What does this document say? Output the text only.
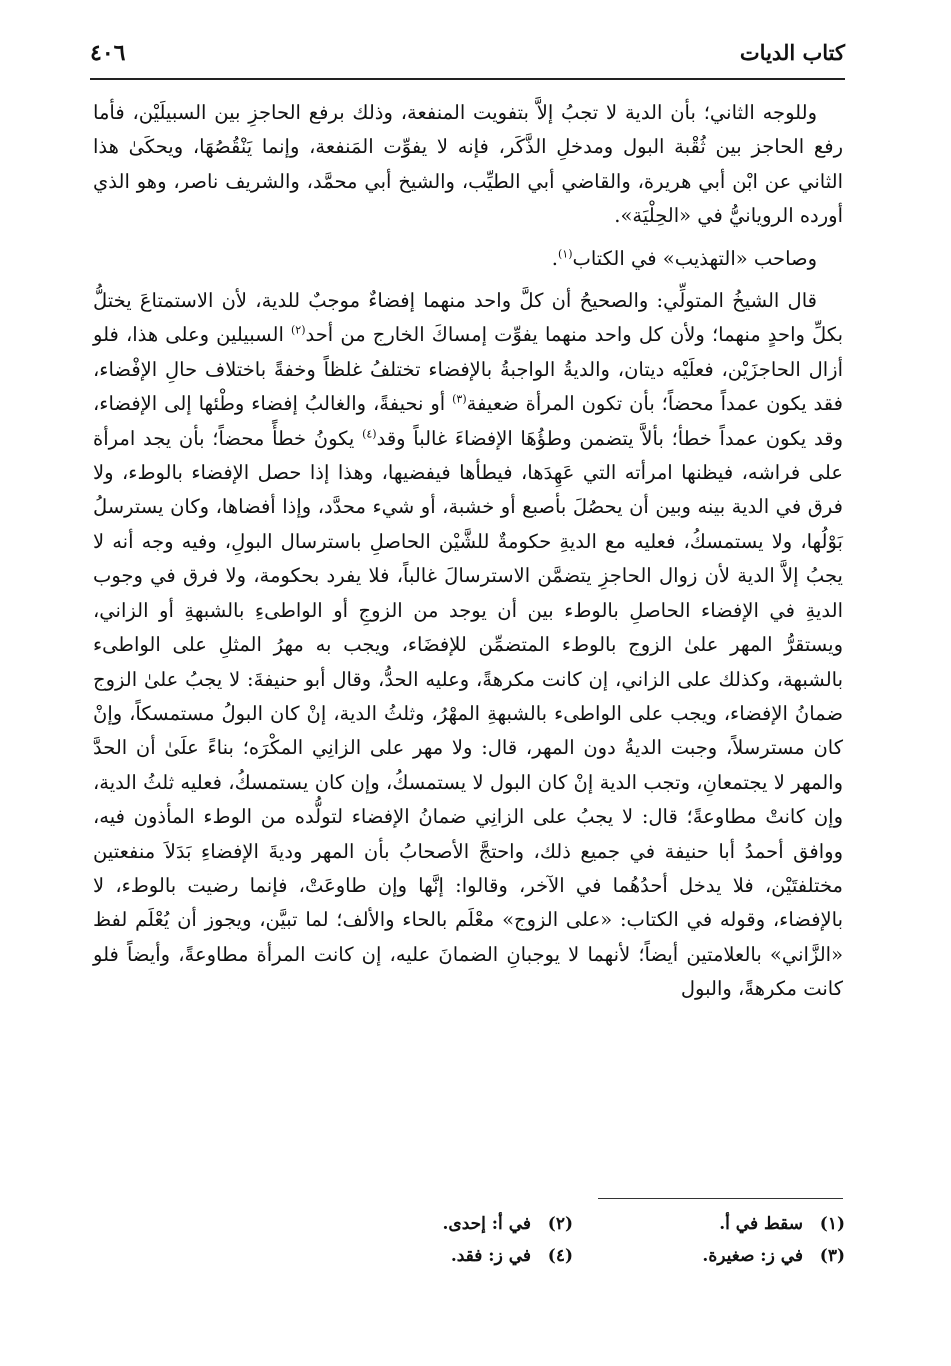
كتاب الديات
٤٠٦

وللوجه الثاني؛ بأن الدية لا تجبُ إلاَّ بتفويت المنفعة، وذلك برفع الحاجزِ بين السبيلَيْن، فأما رفع الحاجز بين ثُقْبة البول ومدخلِ الذَّكَر، فإنه لا يفوِّت المَنفعة، وإنما يَنْقُصُهَا، ويحكَىٰ هذا الثاني عن ابْن أبي هريرة، والقاضي أبي الطيِّب، والشيخ أبي محمَّد، والشريف ناصر، وهو الذي أورده الرويانيُّ في «الحِلْيَة».

وصاحب «التهذيب» في الكتاب$^{(١)}$.

قال الشيخُ المتولِّي: والصحيحُ أن كلَّ واحد منهما إفضاءٌ موجبٌ للدية، لأن الاستمتاعَ يختلُّ بكلِّ واحدٍ منهما؛ ولأن كل واحد منهما يفوِّت إمساكَ الخارج من أحد$^{(٢)}$ السبيلين وعلى هذا، فلو أزال الحاجزَيْن، فعلَيْه ديتان، والديةُ الواجبةُ بالإفضاء تختلفُ غلظاً وخفةً باختلاف حالِ الإفْضاء، فقد يكون عمداً محضاً؛ بأن تكون المرأة ضعيفة$^{(٣)}$ أو نحيفةً، والغالبُ إفضاء وطْئها إلى الإفضاء، وقد يكون عمداً خطأ؛ بألاَّ يتضمن وطؤُهَا الإفضاءَ غالباً وقد$^{(٤)}$ يكونُ خطأً محضاً؛ بأن يجد امرأة على فراشه، فيظنها امرأته التي عَهِدَها، فيطأها فيفضيها، وهذا إذا حصل الإفضاء بالوطء، ولا فرق في الدية بينه وبين أن يحصُلَ بأصبع أو خشبة، أو شيء محدَّد، وإذا أفضاها، وكان يسترسلُ بَوْلُها، ولا يستمسكُ، فعليه مع الديةِ حكومةٌ للشَّيْن الحاصلِ باسترسال البولِ، وفيه وجه أنه لا يجبُ إلاَّ الدية لأن زوال الحاجزِ يتضمَّن الاسترسالَ غالباً، فلا يفرد بحكومة، ولا فرق في وجوب الديةِ في الإفضاء الحاصلِ بالوطء بين أن يوجد من الزوجِ أو الواطىءِ بالشبهةِ أو الزاني، ويستقرُّ المهر علىٰ الزوج بالوطء المتضمِّن للإفضَاء، ويجب به مهرُ المثلِ على الواطىء بالشبهة، وكذلك على الزاني، إن كانت مكرهةً، وعليه الحدُّ، وقال أبو حنيفةَ: لا يجبُ علىٰ الزوج ضمانُ الإفضاء، ويجب على الواطىء بالشبهةِ المهْرُ، وثلثُ الدية، إنْ كان البولُ مستمسكاً، وإنْ كان مسترسلاً، وجبت الديةُ دون المهر، قال: ولا مهر على الزانِي المكْرَه؛ بناءً علَىٰ أن الحدَّ والمهر لا يجتمعانِ، وتجب الدية إنْ كان البول لا يستمسكُ، وإن كان يستمسكُ، فعليه ثلثُ الدية، وإن كانتْ مطاوعةً؛ قال: لا يجبُ على الزانِي ضمانُ الإفضاء لتولُّده من الوطء المأذون فيه، ووافق أحمدُ أبا حنيفة في جميع ذلك، واحتجَّ الأصحابُ بأن المهر وديةَ الإفضاءِ بَدَلاَ منفعتين مختلفتَيْن، فلا يدخل أحدُهُما في الآخر، وقالوا: إنَّها وإن طاوعَتْ، فإنما رضيت بالوطء، لا بالإفضاء، وقوله في الكتاب: «على الزوج» معْلَم بالحاء والألف؛ لما تبيَّن، ويجوز أن يُعْلَم لفظ «الزَّاني» بالعلامتين أيضاً؛ لأنهما لا يوجبانِ الضمانَ عليه، إن كانت المرأة مطاوعةً، وأيضاً فلو كانت مكرهةً، والبول

(١)سقط في أ.
(٢)في أ: إحدى.
(٣)في ز: صغيرة.
(٤)في ز: فقد.
